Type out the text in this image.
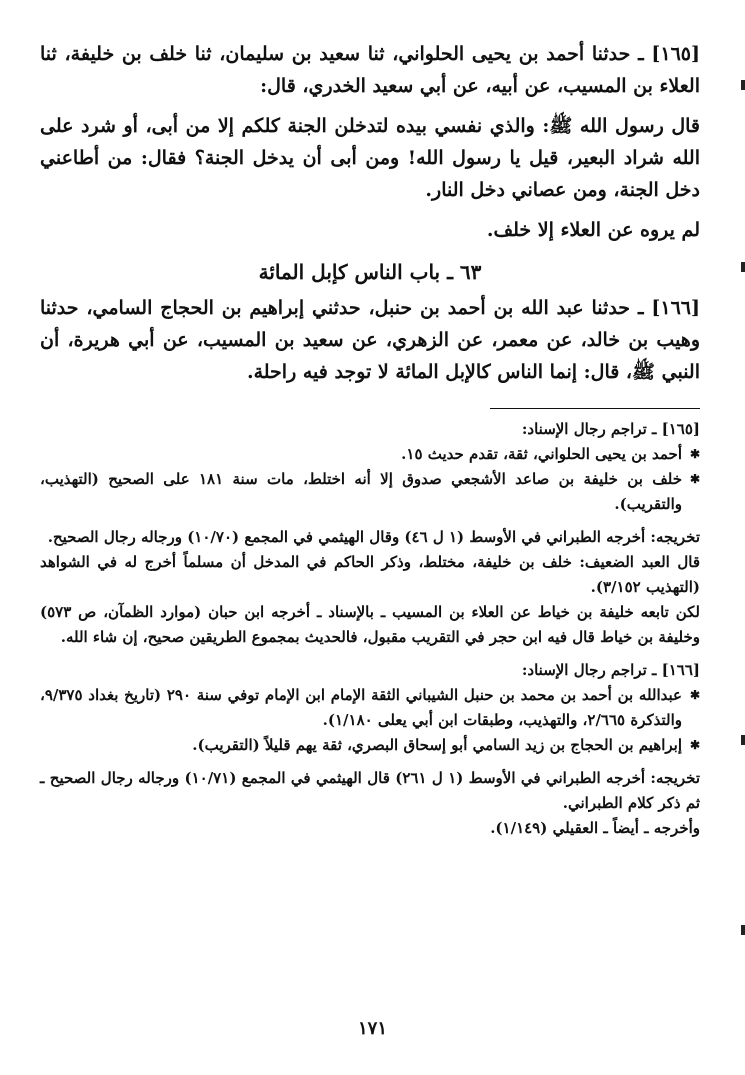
[١٦٥] ـ حدثنا أحمد بن يحيى الحلواني، ثنا سعيد بن سليمان، ثنا خلف بن خليفة، ثنا العلاء بن المسيب، عن أبيه، عن أبي سعيد الخدري، قال:

قال رسول الله ﷺ: والذي نفسي بيده لتدخلن الجنة كلكم إلا من أبى، أو شرد على الله شراد البعير، قيل يا رسول الله! ومن أبى أن يدخل الجنة؟ فقال: من أطاعني دخل الجنة، ومن عصاني دخل النار.

لم يروه عن العلاء إلا خلف.

٦٣ ـ باب الناس كإبل المائة

[١٦٦] ـ حدثنا عبد الله بن أحمد بن حنبل، حدثني إبراهيم بن الحجاج السامي، حدثنا وهيب بن خالد، عن معمر، عن الزهري، عن سعيد بن المسيب، عن أبي هريرة، أن النبي ﷺ، قال: إنما الناس كالإبل المائة لا توجد فيه راحلة.

[١٦٥] ـ تراجم رجال الإسناد:

✱ أحمد بن يحيى الحلواني، ثقة، تقدم حديث ١٥.
✱ خلف بن خليفة بن صاعد الأشجعي صدوق إلا أنه اختلط، مات سنة ١٨١ على الصحيح (التهذيب، والتقريب).

تخريجه: أخرجه الطبراني في الأوسط (١ ل ٤٦) وقال الهيثمي في المجمع (١٠/٧٠) ورجاله رجال الصحيح.

قال العبد الضعيف: خلف بن خليفة، مختلط، وذكر الحاكم في المدخل أن مسلماً أخرج له في الشواهد (التهذيب ٣/١٥٢).

لكن تابعه خليفة بن خياط عن العلاء بن المسيب ـ بالإسناد ـ أخرجه ابن حبان (موارد الظمآن، ص ٥٧٣) وخليفة بن خياط قال فيه ابن حجر في التقريب مقبول، فالحديث بمجموع الطريقين صحيح، إن شاء الله.

[١٦٦] ـ تراجم رجال الإسناد:

✱ عبدالله بن أحمد بن محمد بن حنبل الشيباني الثقة الإمام ابن الإمام توفي سنة ٢٩٠ (تاريخ بغداد ٩/٣٧٥، والتذكرة ٢/٦٦٥، والتهذيب، وطبقات ابن أبي يعلى ١/١٨٠).
✱ إبراهيم بن الحجاج بن زيد السامي أبو إسحاق البصري، ثقة يهم قليلاً (التقريب).

تخريجه: أخرجه الطبراني في الأوسط (١ ل ٢٦١) قال الهيثمي في المجمع (١٠/٧١) ورجاله رجال الصحيح ـ ثم ذكر كلام الطبراني.

وأخرجه ـ أيضاً ـ العقيلي (١/١٤٩).

١٧١
